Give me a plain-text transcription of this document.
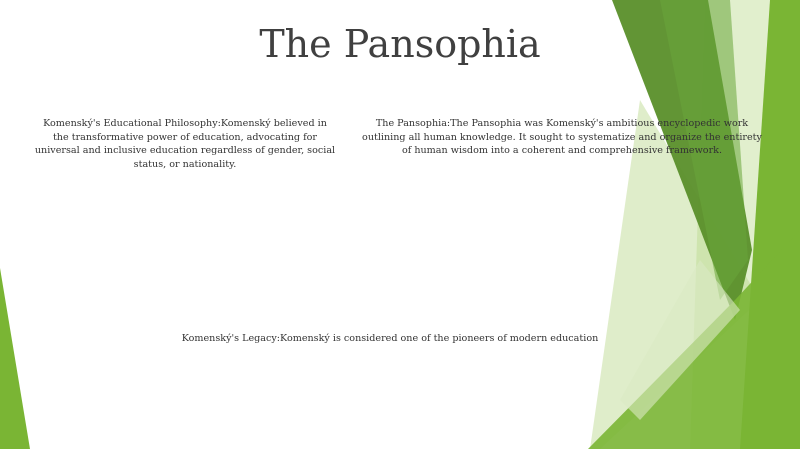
The Pansophia
Komenský's Educational Philosophy:Komenský believed in the transformative power of education, advocating for universal and inclusive education regardless of gender, social status, or nationality.
The Pansophia:The Pansophia was Komenský's ambitious encyclopedic work outlining all human knowledge. It sought to systematize and organize the entirety of human wisdom into a coherent and comprehensive framework.
Komenský's Legacy:Komenský is considered one of the pioneers of modern education
